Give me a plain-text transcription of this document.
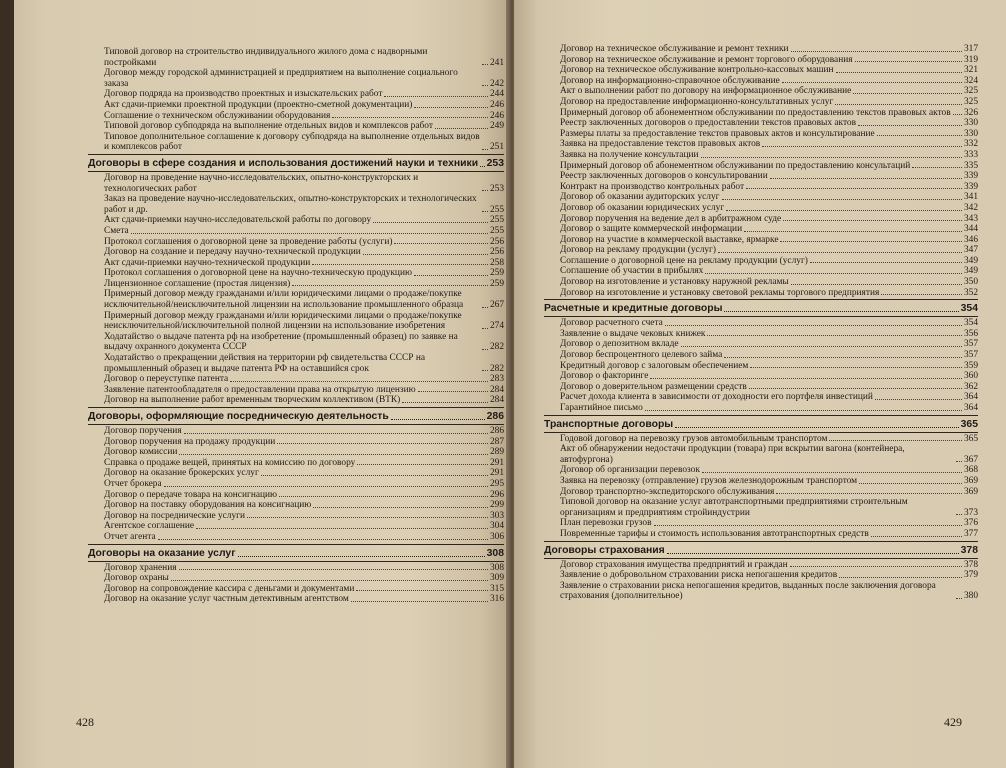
Типовой договор на строительство индивидуального жилого дома с надворными постройками	241
Договор между городской администрацией и предприятием на выполнение социального заказа	242
Договор подряда на производство проектных и изыскательских работ	244
Акт сдачи-приемки проектной продукции (проектно-сметной документации)	246
Соглашение о техническом обслуживании оборудования	246
Типовой договор субподряда на выполнение отдельных видов и комплексов работ	249
Типовое дополнительное соглашение к договору субподряда на выполнение отдельных видов и комплексов работ	251
Договоры в сфере создания и использования достижений науки и техники 253
Договор на проведение научно-исследовательских, опытно-конструкторских и технологических работ	253
Заказ на проведение научно-исследовательских, опытно-конструкторских и технологических работ и др.	255
Акт сдачи-приемки научно-исследовательской работы по договору	255
Смета	255
Протокол соглашения о договорной цене за проведение работы (услуги)	256
Договор на создание и передачу научно-технической продукции	256
Акт сдачи-приемки научно-технической продукции	258
Протокол соглашения о договорной цене на научно-техническую продукцию	259
Лицензионное соглашение (простая лицензия)	259
Примерный договор между гражданами и/или юридическими лицами о продаже/покупке исключительной/неисключительной лицензии на использование промышленного образца	267
Примерный договор между гражданами и/или юридическими лицами о продаже/покупке неисключительной/исключительной полной лицензии на использование изобретения	274
Ходатайство о выдаче патента рф на изобретение (промышленный образец) по заявке на выдачу охранного документа СССР	282
Ходатайство о прекращении действия на территории рф свидетельства СССР на промышленный образец и выдаче патента РФ на оставшийся срок	282
Договор о переуступке патента	283
Заявление патентообладателя о предоставлении права на открытую лицензию	284
Договор на выполнение работ временным творческим коллективом (ВТК)	284
Договоры, оформляющие посредническую деятельность	286
Договор поручения	286
Договор поручения на продажу продукции	287
Договор комиссии	289
Справка о продаже вещей, принятых на комиссию по договору	291
Договор на оказание брокерских услуг	291
Отчет брокера	295
Договор о передаче товара на консигнацию	296
Договор на поставку оборудования на консигнацию	299
Договор на посреднические услуги	303
Агентское соглашение	304
Отчет агента	306
Договоры на оказание услуг	308
Договор хранения	308
Договор охраны	309
Договор на сопровождение кассира с деньгами и документами	315
Договор на оказание услуг частным детективным агентством	316
428
Договор на техническое обслуживание и ремонт техники	317
Договор на техническое обслуживание и ремонт торгового оборудования	319
Договор на техническое обслуживание контрольно-кассовых машин	321
Договор на информационно-справочное обслуживание	324
Акт о выполнении работ по договору на информационное обслуживание	325
Договор на предоставление информационно-консультативных услуг	325
Примерный договор об абонементном обслуживании по предоставлению текстов правовых актов 326
Реестр заключенных договоров о предоставлении текстов правовых актов	330
Размеры платы за предоставление текстов правовых актов и консультирование	330
Заявка на предоставление текстов правовых актов	332
Заявка на получение консультации	333
Примерный договор об абонементном обслуживании по предоставлению консультаций	335
Реестр заключенных договоров о консультировании	339
Контракт на производство контрольных работ	339
Договор об оказании аудиторских услуг	341
Договор об оказании юридических услуг	342
Договор поручения на ведение дел в арбитражном суде	343
Договор о защите коммерческой информации	344
Договор на участие в коммерческой выставке, ярмарке	346
Договор на рекламу продукции (услуг)	347
Соглашение о договорной цене на рекламу продукции (услуг)	349
Соглашение об участии в прибылях	349
Договор на изготовление и установку наружной рекламы	350
Договор на изготовление и установку световой рекламы торгового предприятия	352
Расчетные и кредитные договоры	354
Договор расчетного счета	354
Заявление о выдаче чековых книжек	356
Договор о депозитном вкладе	357
Договор беспроцентного целевого займа	357
Кредитный договор с залоговым обеспечением	359
Договор о факторинге	360
Договор о доверительном размещении средств	362
Расчет дохода клиента в зависимости от доходности его портфеля инвестиций	364
Гарантийное письмо	364
Транспортные договоры	365
Годовой договор на перевозку грузов автомобильным транспортом	365
Акт об обнаружении недостачи продукции (товара) при вскрытии вагона (контейнера, автофургона)	367
Договор об организации перевозок	368
Заявка на перевозку (отправление) грузов железнодорожным транспортом	369
Договор транспортно-экспедиторского обслуживания	369
Типовой договор на оказание услуг автотранспортными предприятиями строительным организациям и предприятиям стройиндустрии	373
План перевозки грузов	376
Повременные тарифы и стоимость использования автотранспортных средств	377
Договоры страхования	378
Договор страхования имущества предприятий и граждан	378
Заявление о добровольном страховании риска непогашения кредитов	379
Заявление о страховании риска непогашения кредитов, выданных после заключения договора страхования (дополнительное)	380
429
